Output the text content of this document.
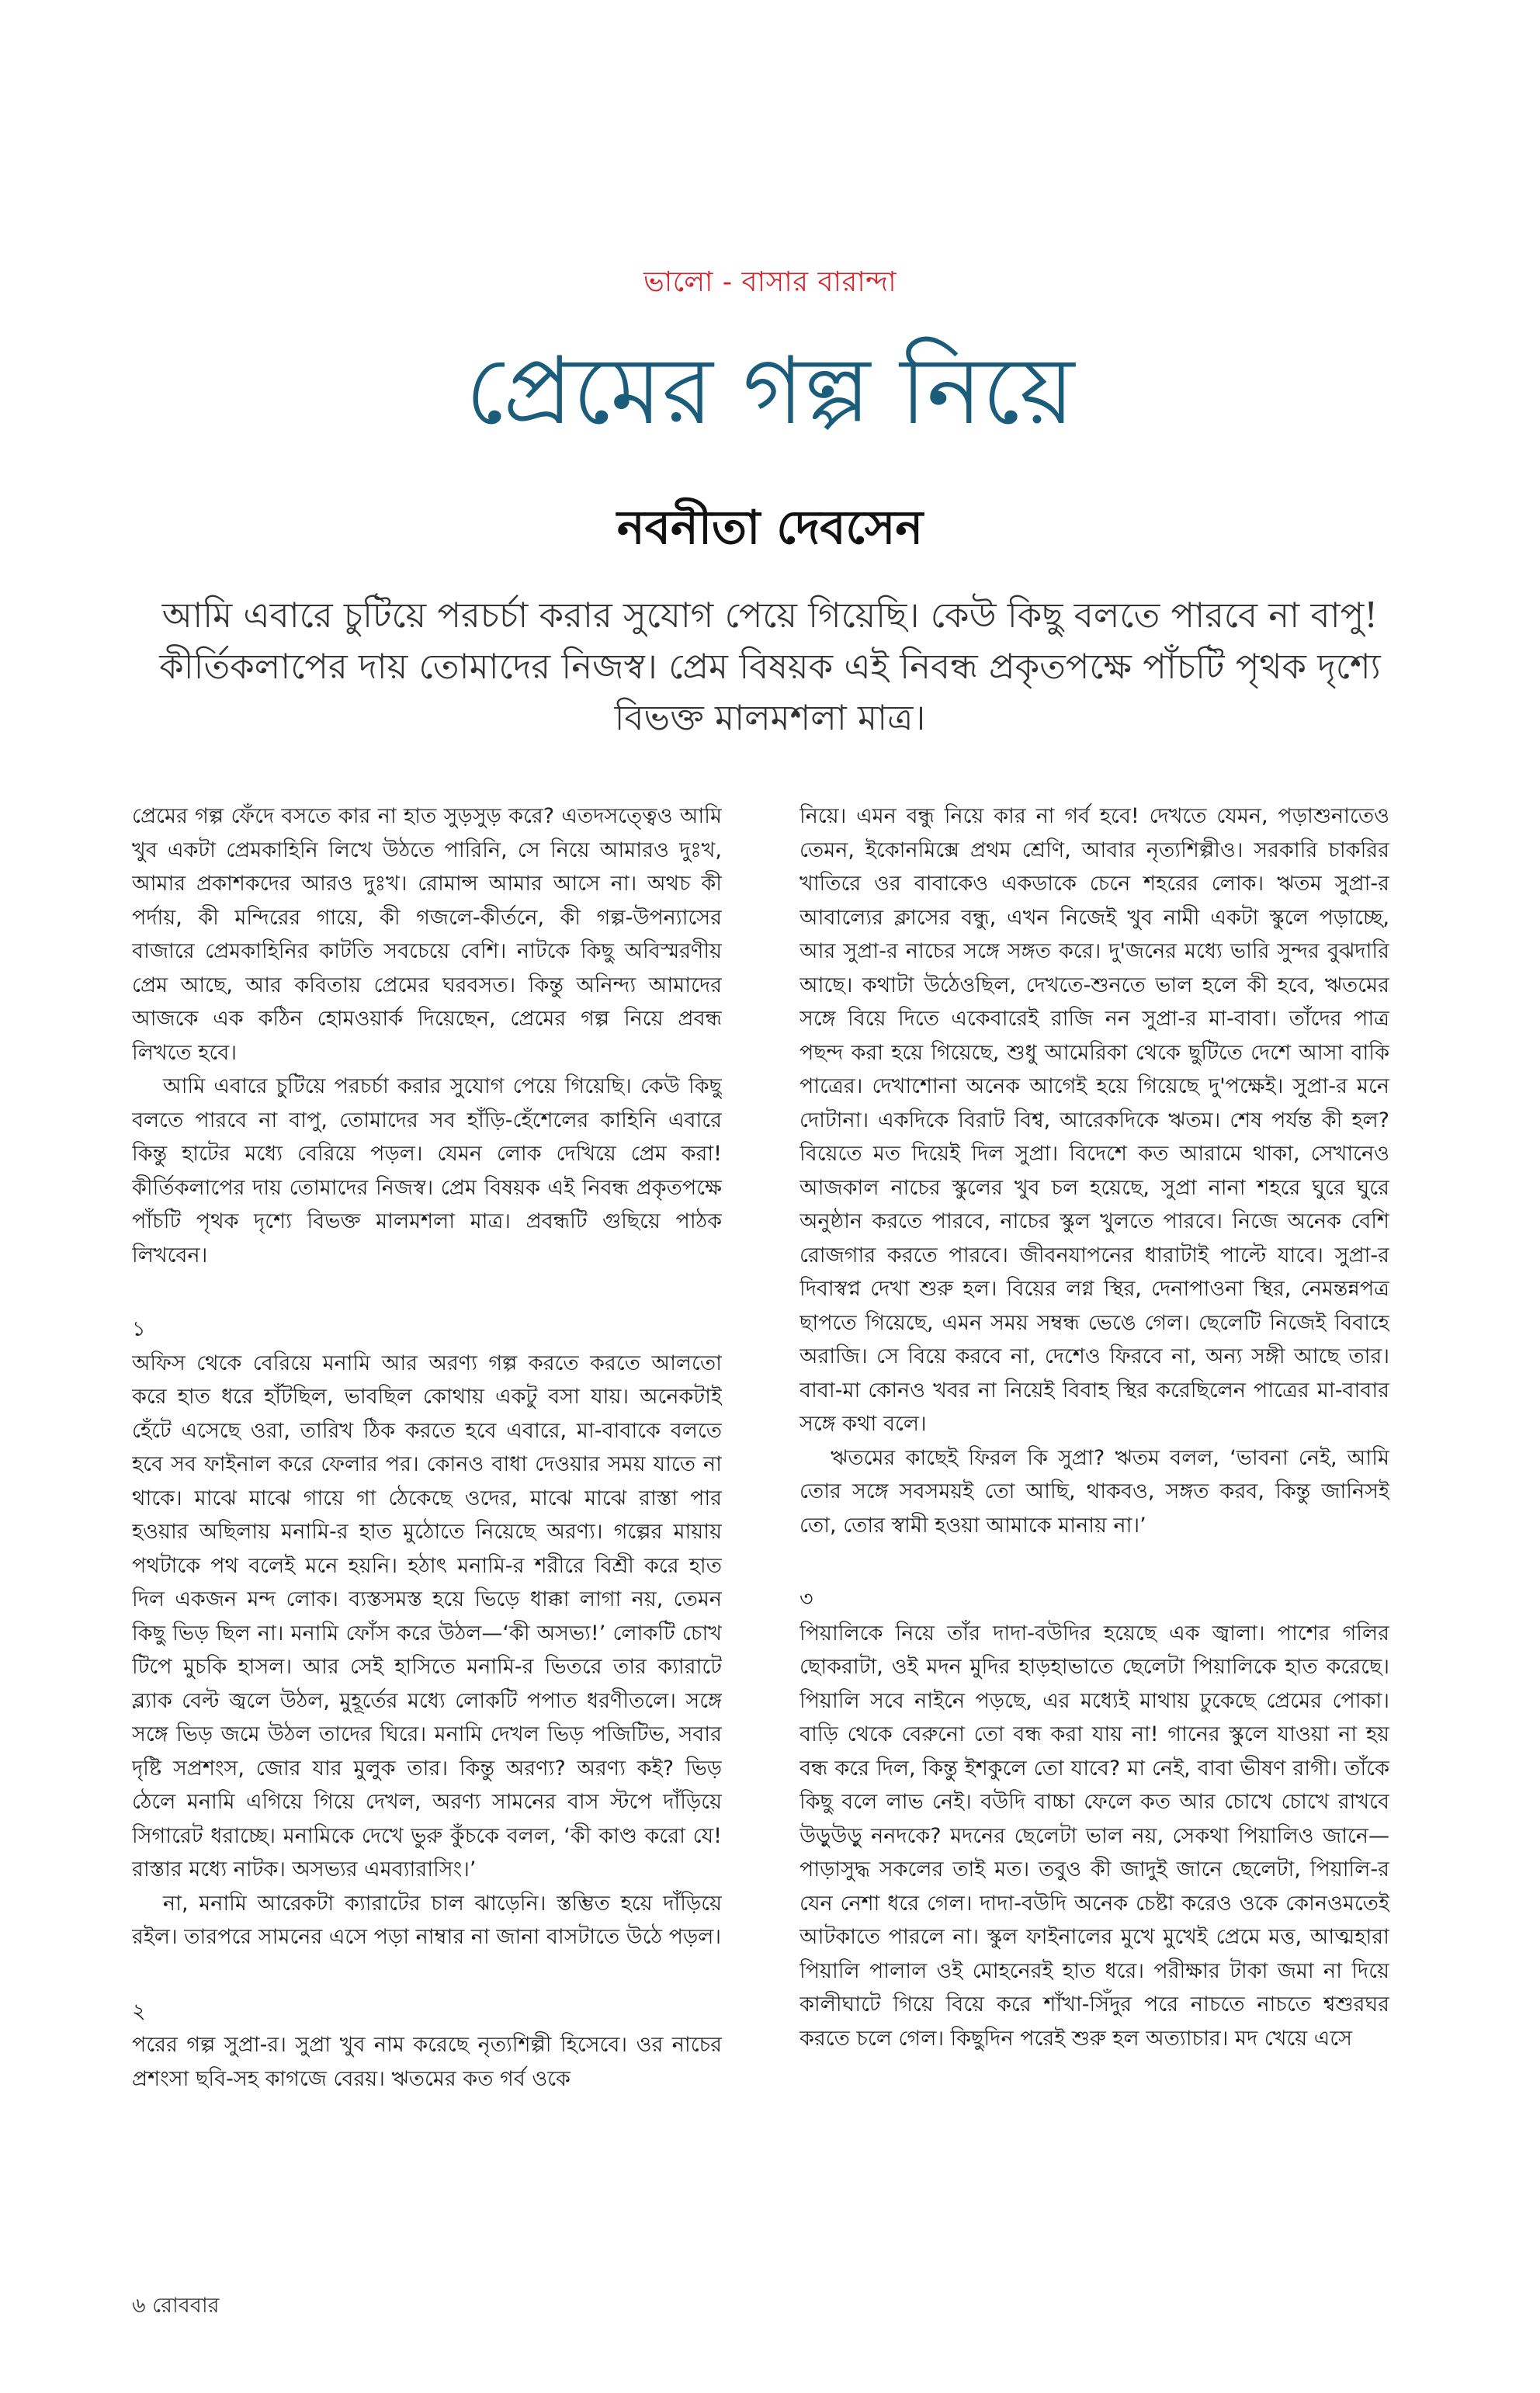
ভালো - বাসার বারান্দা
প্রেমের গল্প নিয়ে
নবনীতা দেবসেন
আমি এবারে চুটিয়ে পরচর্চা করার সুযোগ পেয়ে গিয়েছি। কেউ কিছু বলতে পারবে না বাপু! কীর্তিকলাপের দায় তোমাদের নিজস্ব। প্রেম বিষয়ক এই নিবন্ধ প্রকৃতপক্ষে পাঁচটি পৃথক দৃশ্যে বিভক্ত মালমশলা মাত্র।

প্রেমের গল্প ফেঁদে বসতে কার না হাত সুড়সুড় করে? এতদসত্ত্বেও আমি খুব একটা প্রেমকাহিনি লিখে উঠতে পারিনি, সে নিয়ে আমারও দুঃখ, আমার প্রকাশকদের আরও দুঃখ। রোমান্স আমার আসে না। অথচ কী পর্দায়, কী মন্দিরের গায়ে, কী গজলে-কীর্তনে, কী গল্প-উপন্যাসের বাজারে প্রেমকাহিনির কাটতি সবচেয়ে বেশি। নাটকে কিছু অবিস্মরণীয় প্রেম আছে, আর কবিতায় প্রেমের ঘরবসত। কিন্তু অনিন্দ্য আমাদের আজকে এক কঠিন হোমওয়ার্ক দিয়েছেন, প্রেমের গল্প নিয়ে প্রবন্ধ লিখতে হবে।

আমি এবারে চুটিয়ে পরচর্চা করার সুযোগ পেয়ে গিয়েছি। কেউ কিছু বলতে পারবে না বাপু, তোমাদের সব হাঁড়ি-হেঁশেলের কাহিনি এবারে কিন্তু হাটের মধ্যে বেরিয়ে পড়ল। যেমন লোক দেখিয়ে প্রেম করা! কীর্তিকলাপের দায় তোমাদের নিজস্ব। প্রেম বিষয়ক এই নিবন্ধ প্রকৃতপক্ষে পাঁচটি পৃথক দৃশ্যে বিভক্ত মালমশলা মাত্র। প্রবন্ধটি গুছিয়ে পাঠক লিখবেন।

১

অফিস থেকে বেরিয়ে মনামি আর অরণ্য গল্প করতে করতে আলতো করে হাত ধরে হাঁটছিল, ভাবছিল কোথায় একটু বসা যায়। অনেকটাই হেঁটে এসেছে ওরা, তারিখ ঠিক করতে হবে এবারে, মা-বাবাকে বলতে হবে সব ফাইনাল করে ফেলার পর। কোনও বাধা দেওয়ার সময় যাতে না থাকে। মাঝে মাঝে গায়ে গা ঠেকেছে ওদের, মাঝে মাঝে রাস্তা পার হওয়ার অছিলায় মনামি-র হাত মুঠোতে নিয়েছে অরণ্য। গল্পের মায়ায় পথটাকে পথ বলেই মনে হয়নি। হঠাৎ মনামি-র শরীরে বিশ্রী করে হাত দিল একজন মন্দ লোক। ব্যস্তসমস্ত হয়ে ভিড়ে ধাক্কা লাগা নয়, তেমন কিছু ভিড় ছিল না। মনামি ফোঁস করে উঠল—‘কী অসভ্য!’ লোকটি চোখ টিপে মুচকি হাসল। আর সেই হাসিতে মনামি-র ভিতরে তার ক্যারাটে ব্ল্যাক বেল্ট জ্বলে উঠল, মুহূর্তের মধ্যে লোকটি পপাত ধরণীতলে। সঙ্গে সঙ্গে ভিড় জমে উঠল তাদের ঘিরে। মনামি দেখল ভিড় পজিটিভ, সবার দৃষ্টি সপ্রশংস, জোর যার মুলুক তার। কিন্তু অরণ্য? অরণ্য কই? ভিড় ঠেলে মনামি এগিয়ে গিয়ে দেখল, অরণ্য সামনের বাস স্টপে দাঁড়িয়ে সিগারেট ধরাচ্ছে। মনামিকে দেখে ভুরু কুঁচকে বলল, ‘কী কাণ্ড করো যে! রাস্তার মধ্যে নাটক। অসভ্যর এমব্যারাসিং।’

না, মনামি আরেকটা ক্যারাটের চাল ঝাড়েনি। স্তম্ভিত হয়ে দাঁড়িয়ে রইল। তারপরে সামনের এসে পড়া নাম্বার না জানা বাসটাতে উঠে পড়ল।

২

পরের গল্প সুপ্রা-র। সুপ্রা খুব নাম করেছে নৃত্যশিল্পী হিসেবে। ওর নাচের প্রশংসা ছবি-সহ কাগজে বেরয়। ঋতমের কত গর্ব ওকে

নিয়ে। এমন বন্ধু নিয়ে কার না গর্ব হবে! দেখতে যেমন, পড়াশুনাতেও তেমন, ইকোনমিক্সে প্রথম শ্রেণি, আবার নৃত্যশিল্পীও। সরকারি চাকরির খাতিরে ওর বাবাকেও একডাকে চেনে শহরের লোক। ঋতম সুপ্রা-র আবাল্যের ক্লাসের বন্ধু, এখন নিজেই খুব নামী একটা স্কুলে পড়াচ্ছে, আর সুপ্রা-র নাচের সঙ্গে সঙ্গত করে। দু'জনের মধ্যে ভারি সুন্দর বুঝদারি আছে। কথাটা উঠেওছিল, দেখতে-শুনতে ভাল হলে কী হবে, ঋতমের সঙ্গে বিয়ে দিতে একেবারেই রাজি নন সুপ্রা-র মা-বাবা। তাঁদের পাত্র পছন্দ করা হয়ে গিয়েছে, শুধু আমেরিকা থেকে ছুটিতে দেশে আসা বাকি পাত্রের। দেখাশোনা অনেক আগেই হয়ে গিয়েছে দু'পক্ষেই। সুপ্রা-র মনে দোটানা। একদিকে বিরাট বিশ্ব, আরেকদিকে ঋতম। শেষ পর্যন্ত কী হল? বিয়েতে মত দিয়েই দিল সুপ্রা। বিদেশে কত আরামে থাকা, সেখানেও আজকাল নাচের স্কুলের খুব চল হয়েছে, সুপ্রা নানা শহরে ঘুরে ঘুরে অনুষ্ঠান করতে পারবে, নাচের স্কুল খুলতে পারবে। নিজে অনেক বেশি রোজগার করতে পারবে। জীবনযাপনের ধারাটাই পাল্টে যাবে। সুপ্রা-র দিবাস্বপ্ন দেখা শুরু হল। বিয়ের লগ্ন স্থির, দেনাপাওনা স্থির, নেমন্তন্নপত্র ছাপতে গিয়েছে, এমন সময় সম্বন্ধ ভেঙে গেল। ছেলেটি নিজেই বিবাহে অরাজি। সে বিয়ে করবে না, দেশেও ফিরবে না, অন্য সঙ্গী আছে তার। বাবা-মা কোনও খবর না নিয়েই বিবাহ স্থির করেছিলেন পাত্রের মা-বাবার সঙ্গে কথা বলে।

ঋতমের কাছেই ফিরল কি সুপ্রা? ঋতম বলল, ‘ভাবনা নেই, আমি তোর সঙ্গে সবসময়ই তো আছি, থাকবও, সঙ্গত করব, কিন্তু জানিসই তো, তোর স্বামী হওয়া আমাকে মানায় না।’

৩

পিয়ালিকে নিয়ে তাঁর দাদা-বউদির হয়েছে এক জ্বালা। পাশের গলির ছোকরাটা, ওই মদন মুদির হাড়হাভাতে ছেলেটা পিয়ালিকে হাত করেছে। পিয়ালি সবে নাইনে পড়ছে, এর মধ্যেই মাথায় ঢুকেছে প্রেমের পোকা। বাড়ি থেকে বেরুনো তো বন্ধ করা যায় না! গানের স্কুলে যাওয়া না হয় বন্ধ করে দিল, কিন্তু ইশকুলে তো যাবে? মা নেই, বাবা ভীষণ রাগী। তাঁকে কিছু বলে লাভ নেই। বউদি বাচ্চা ফেলে কত আর চোখে চোখে রাখবে উড়ুউড়ু ননদকে? মদনের ছেলেটা ভাল নয়, সেকথা পিয়ালিও জানে—পাড়াসুদ্ধ সকলের তাই মত। তবুও কী জাদুই জানে ছেলেটা, পিয়ালি-র যেন নেশা ধরে গেল। দাদা-বউদি অনেক চেষ্টা করেও ওকে কোনওমতেই আটকাতে পারলে না। স্কুল ফাইনালের মুখে মুখেই প্রেমে মত্ত, আত্মহারা পিয়ালি পালাল ওই মোহনেরই হাত ধরে। পরীক্ষার টাকা জমা না দিয়ে কালীঘাটে গিয়ে বিয়ে করে শাঁখা-সিঁদুর পরে নাচতে নাচতে শ্বশুরঘর করতে চলে গেল। কিছুদিন পরেই শুরু হল অত্যাচার। মদ খেয়ে এসে

৬ রোববার
